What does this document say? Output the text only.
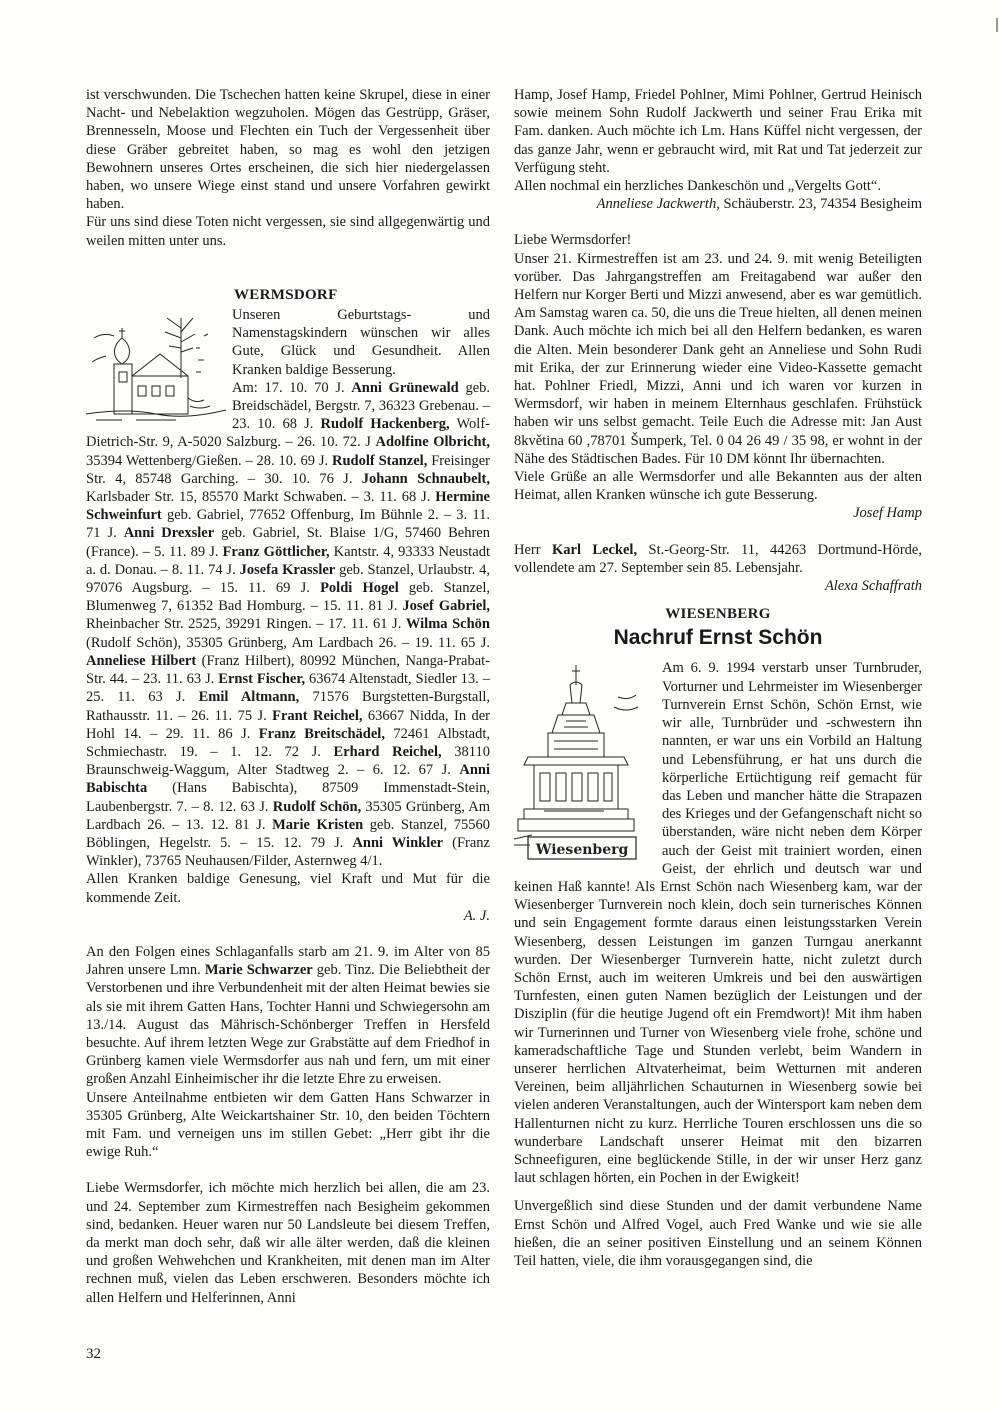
ist verschwunden. Die Tschechen hatten keine Skrupel, diese in einer Nacht- und Nebelaktion wegzuholen. Mögen das Gestrüpp, Gräser, Brennesseln, Moose und Flechten ein Tuch der Vergessenheit über diese Gräber gebreitet haben, so mag es wohl den jetzigen Bewohnern unseres Ortes erscheinen, die sich hier niedergelassen haben, wo unsere Wiege einst stand und unsere Vorfahren gewirkt haben.

Für uns sind diese Toten nicht vergessen, sie sind allgegenwärtig und weilen mitten unter uns.

WERMSDORF

Unseren Geburtstags- und Namenstagskindern wünschen wir alles Gute, Glück und Gesundheit. Allen Kranken baldige Besserung.

Am: 17. 10. 70 J. Anni Grünewald geb. Breidschädel, Bergstr. 7, 36323 Grebenau. – 23. 10. 68 J. Rudolf Hackenberg, Wolf-Dietrich-Str. 9, A-5020 Salzburg. – 26. 10. 72. J Adolfine Olbricht, 35394 Wettenberg/Gießen. – 28. 10. 69 J. Rudolf Stanzel, Freisinger Str. 4, 85748 Garching. – 30. 10. 76 J. Johann Schnaubelt, Karlsbader Str. 15, 85570 Markt Schwaben. – 3. 11. 68 J. Hermine Schweinfurt geb. Gabriel, 77652 Offenburg, Im Bühnle 2. – 3. 11. 71 J. Anni Drexsler geb. Gabriel, St. Blaise 1/G, 57460 Behren (France). – 5. 11. 89 J. Franz Göttlicher, Kantstr. 4, 93333 Neustadt a. d. Donau. – 8. 11. 74 J. Josefa Krassler geb. Stanzel, Urlaubstr. 4, 97076 Augsburg. – 15. 11. 69 J. Poldi Hogel geb. Stanzel, Blumenweg 7, 61352 Bad Homburg. – 15. 11. 81 J. Josef Gabriel, Rheinbacher Str. 2525, 39291 Ringen. – 17. 11. 61 J. Wilma Schön (Rudolf Schön), 35305 Grünberg, Am Lardbach 26. – 19. 11. 65 J. Anneliese Hilbert (Franz Hilbert), 80992 München, Nanga-Prabat-Str. 44. – 23. 11. 63 J. Ernst Fischer, 63674 Altenstadt, Siedler 13. – 25. 11. 63 J. Emil Altmann, 71576 Burgstetten-Burgstall, Rathausstr. 11. – 26. 11. 75 J. Frant Reichel, 63667 Nidda, In der Hohl 14. – 29. 11. 86 J. Franz Breitschädel, 72461 Albstadt, Schmiechastr. 19. – 1. 12. 72 J. Erhard Reichel, 38110 Braunschweig-Waggum, Alter Stadtweg 2. – 6. 12. 67 J. Anni Babischta (Hans Babischta), 87509 Immenstadt-Stein, Laubenbergstr. 7. – 8. 12. 63 J. Rudolf Schön, 35305 Grünberg, Am Lardbach 26. – 13. 12. 81 J. Marie Kristen geb. Stanzel, 75560 Böblingen, Hegelstr. 5. – 15. 12. 79 J. Anni Winkler (Franz Winkler), 73765 Neuhausen/Filder, Asternweg 4/1.

Allen Kranken baldige Genesung, viel Kraft und Mut für die kommende Zeit.

A. J.

An den Folgen eines Schlaganfalls starb am 21. 9. im Alter von 85 Jahren unsere Lmn. Marie Schwarzer geb. Tinz. Die Beliebtheit der Verstorbenen und ihre Verbundenheit mit der alten Heimat bewies sie als sie mit ihrem Gatten Hans, Tochter Hanni und Schwiegersohn am 13./14. August das Mährisch-Schönberger Treffen in Hersfeld besuchte. Auf ihrem letzten Wege zur Grabstätte auf dem Friedhof in Grünberg kamen viele Wermsdorfer aus nah und fern, um mit einer großen Anzahl Einheimischer ihr die letzte Ehre zu erweisen.

Unsere Anteilnahme entbieten wir dem Gatten Hans Schwarzer in 35305 Grünberg, Alte Weickartshainer Str. 10, den beiden Töchtern mit Fam. und verneigen uns im stillen Gebet: „Herr gibt ihr die ewige Ruh.“

Liebe Wermsdorfer, ich möchte mich herzlich bei allen, die am 23. und 24. September zum Kirmestreffen nach Besigheim gekommen sind, bedanken. Heuer waren nur 50 Landsleute bei diesem Treffen, da merkt man doch sehr, daß wir alle älter werden, daß die kleinen und großen Wehwehchen und Krankheiten, mit denen man im Alter rechnen muß, vielen das Leben erschweren. Besonders möchte ich allen Helfern und Helferinnen, Anni

Hamp, Josef Hamp, Friedel Pohlner, Mimi Pohlner, Gertrud Heinisch sowie meinem Sohn Rudolf Jackwerth und seiner Frau Erika mit Fam. danken. Auch möchte ich Lm. Hans Küffel nicht vergessen, der das ganze Jahr, wenn er gebraucht wird, mit Rat und Tat jederzeit zur Verfügung steht.

Allen nochmal ein herzliches Dankeschön und „Vergelts Gott“.

Anneliese Jackwerth, Schäuberstr. 23, 74354 Besigheim

Liebe Wermsdorfer!

Unser 21. Kirmestreffen ist am 23. und 24. 9. mit wenig Beteiligten vorüber. Das Jahrgangstreffen am Freitagabend war außer den Helfern nur Korger Berti und Mizzi anwesend, aber es war gemütlich. Am Samstag waren ca. 50, die uns die Treue hielten, all denen meinen Dank. Auch möchte ich mich bei all den Helfern bedanken, es waren die Alten. Mein besonderer Dank geht an Anneliese und Sohn Rudi mit Erika, der zur Erinnerung wieder eine Video-Kassette gemacht hat. Pohlner Friedl, Mizzi, Anni und ich waren vor kurzen in Wermsdorf, wir haben in meinem Elternhaus geschlafen. Frühstück haben wir uns selbst gemacht. Teile Euch die Adresse mit: Jan Aust 8květina 60 ,78701 Šumperk, Tel. 0 04 26 49 / 35 98, er wohnt in der Nähe des Städtischen Bades. Für 10 DM könnt Ihr übernachten.

Viele Grüße an alle Wermsdorfer und alle Bekannten aus der alten Heimat, allen Kranken wünsche ich gute Besserung.

Josef Hamp

Herr Karl Leckel, St.-Georg-Str. 11, 44263 Dortmund-Hörde, vollendete am 27. September sein 85. Lebensjahr.

Alexa Schaffrath

WIESENBERG
Nachruf Ernst Schön
Wiesenberg

Am 6. 9. 1994 verstarb unser Turnbruder, Vorturner und Lehrmeister im Wiesenberger Turnverein Ernst Schön, Schön Ernst, wie wir alle, Turnbrüder und -schwestern ihn nannten, er war uns ein Vorbild an Haltung und Lebensführung, er hat uns durch die körperliche Ertüchtigung reif gemacht für das Leben und mancher hätte die Strapazen des Krieges und der Gefangenschaft nicht so überstanden, wäre nicht neben dem Körper auch der Geist mit trainiert worden, einen Geist, der ehrlich und deutsch war und keinen Haß kannte! Als Ernst Schön nach Wiesenberg kam, war der Wiesenberger Turnverein noch klein, doch sein turnerisches Können und sein Engagement formte daraus einen leistungsstarken Verein Wiesenberg, dessen Leistungen im ganzen Turngau anerkannt wurden. Der Wiesenberger Turnverein hatte, nicht zuletzt durch Schön Ernst, auch im weiteren Umkreis und bei den auswärtigen Turnfesten, einen guten Namen bezüglich der Leistungen und der Disziplin (für die heutige Jugend oft ein Fremdwort)! Mit ihm haben wir Turnerinnen und Turner von Wiesenberg viele frohe, schöne und kameradschaftliche Tage und Stunden verlebt, beim Wandern in unserer herrlichen Altvaterheimat, beim Wetturnen mit anderen Vereinen, beim alljährlichen Schauturnen in Wiesenberg sowie bei vielen anderen Veranstaltungen, auch der Wintersport kam neben dem Hallenturnen nicht zu kurz. Herrliche Touren erschlossen uns die so wunderbare Landschaft unserer Heimat mit den bizarren Schneefiguren, eine beglückende Stille, in der wir unser Herz ganz laut schlagen hörten, ein Pochen in der Ewigkeit!

Unvergeßlich sind diese Stunden und der damit verbundene Name Ernst Schön und Alfred Vogel, auch Fred Wanke und wie sie alle hießen, die an seiner positiven Einstellung und an seinem Können Teil hatten, viele, die ihm vorausgegangen sind, die

32
